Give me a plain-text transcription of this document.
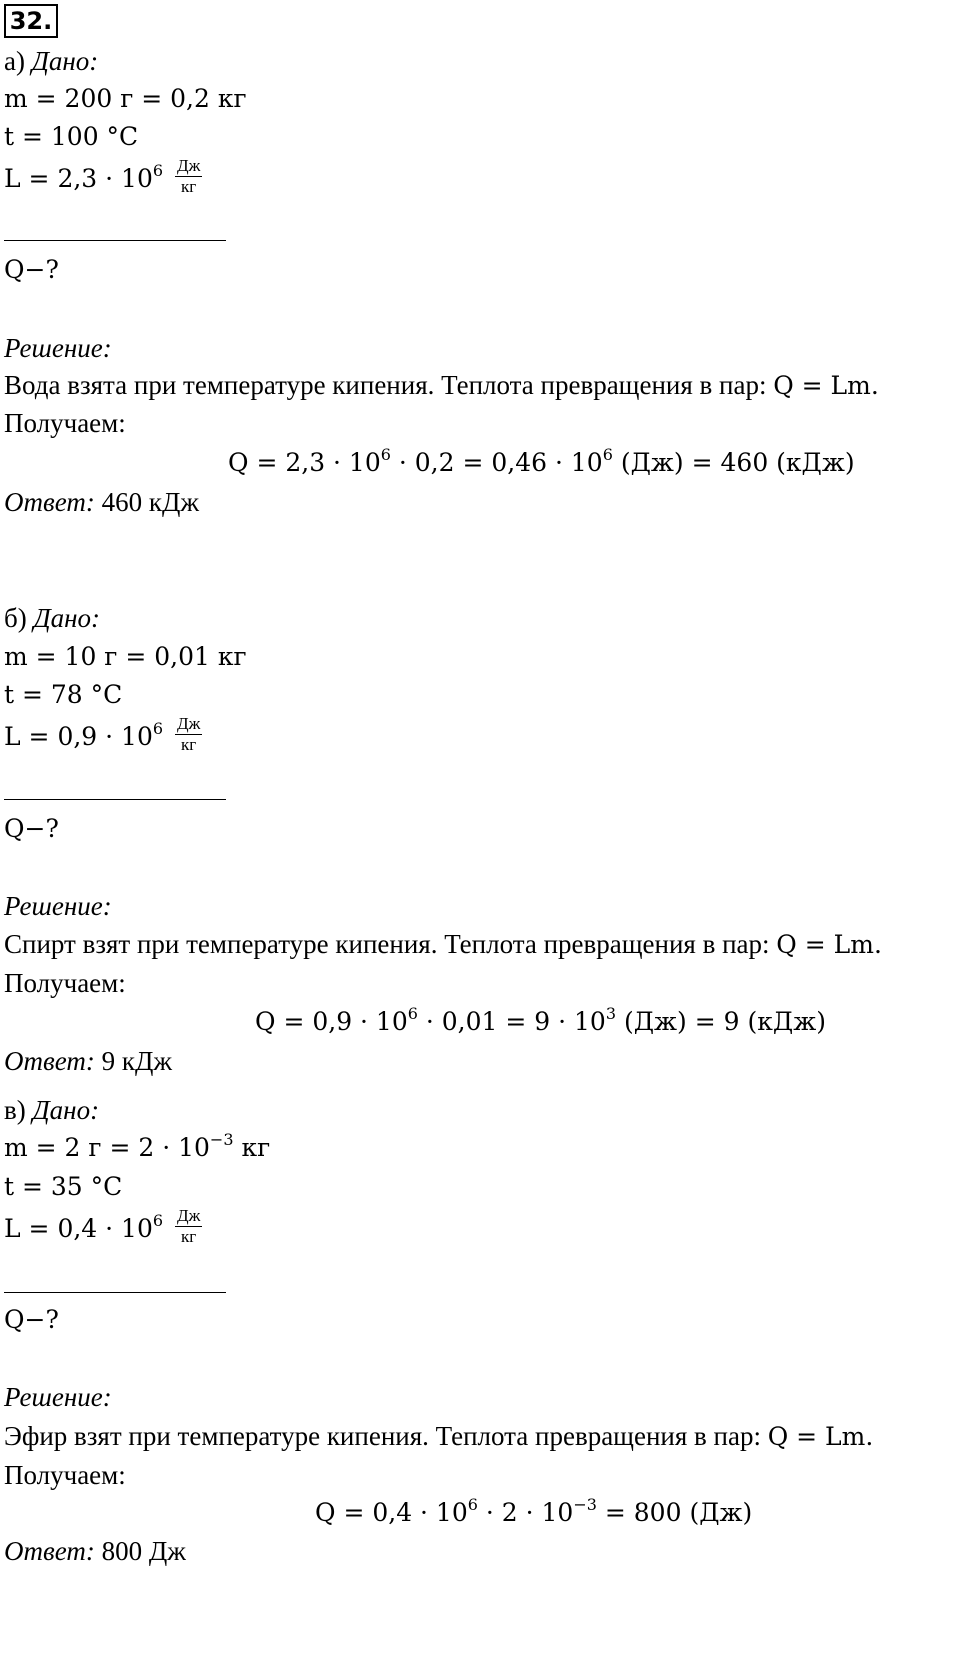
32.
а) Дано:
m = 200 г = 0,2 кг
t = 100 °C
$L = 2,3 \cdot 10^6 \frac{Дж}{кг}$
Q−?
Решение:
Вода взята при температуре кипения. Теплота превращения в пар: Q = Lm.
Получаем:
$Q = 2,3 \cdot 10^6 \cdot 0,2 = 0,46 \cdot 10^6$ (Дж) = 460 (кДж)
Ответ: 460 кДж
б) Дано:
m = 10 г = 0,01 кг
t = 78 °C
$L = 0,9 \cdot 10^6 \frac{Дж}{кг}$
Q−?
Решение:
Спирт взят при температуре кипения. Теплота превращения в пар: Q = Lm.
Получаем:
$Q = 0,9 \cdot 10^6 \cdot 0,01 = 9 \cdot 10^3$ (Дж) = 9 (кДж)
Ответ: 9 кДж
в) Дано:
m = 2 $г = 2 \cdot 10^{-3}$ кг
t = 35 °C
$L = 0,4 \cdot 10^6 \frac{Дж}{кг}$
Q−?
Решение:
Эфир взят при температуре кипения. Теплота превращения в пар: Q = Lm.
Получаем:
$Q = 0,4 \cdot 10^6 \cdot 2 \cdot 10^{-3} = 800$ (Дж)
Ответ: 800 Дж
